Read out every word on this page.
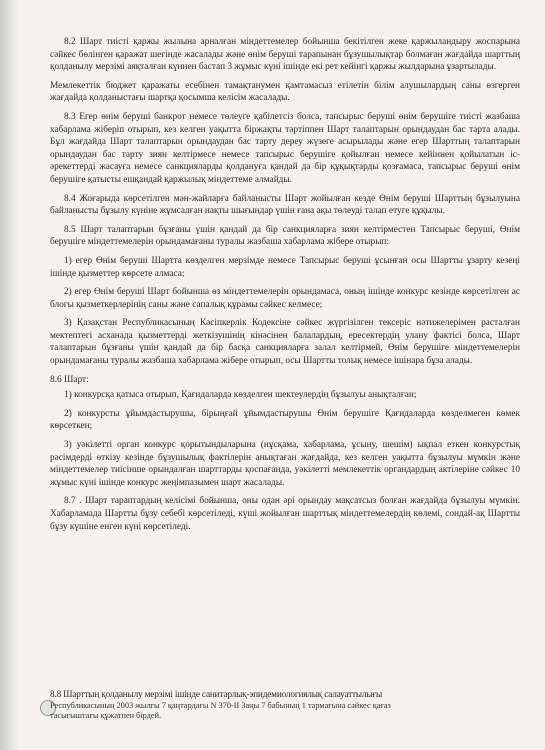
8.2 Шарт тиісті қаржы жылына арналған міндеттемелер бойынша бекітілген жеке қаржыландыру жоспарына сәйкес бөлінген қаражат шегінде жасалады және өнім беруші тарапынан бұзушылықтар болмаған жағдайда шарттың қолданылу мерзімі аяқталған күннен бастап 3 жұмыс күні ішінде екі рет кейінгі қаржы жылдарына ұзартылады.

Мемлекеттік бюджет қаражаты есебінен тамақтанумен қамтамасыз етілетін білім алушылардың саны өзгерген жағдайда қолданыстағы шартқа қосымша келісім жасалады.

8.3 Егер өнім беруші банкрот немесе төлеуге қабілетсіз болса, тапсырыс беруші өнім берушіге тиісті жазбаша хабарлама жіберіп отырып, кез келген уақытта біржақты тәртіппен Шарт талаптарын орындаудан бас тарта алады. Бұл жағдайда Шарт талаптарын орындаудан бас тарту дереу жүзеге асырылады және егер Шарттың талаптарын орындаудан бас тарту зиян келтірмесе немесе тапсырыс берушіге қойылған немесе кейіннен қойылатын іс-әрекеттерді жасауға немесе санкцияларды қолдануға қандай да бір құқықтарды қозғамаса, тапсырыс беруші өнім берушіге қатысты ешқандай қаржылық міндеттеме алмайды.

8.4 Жоғарыда көрсетілген мән-жайларға байланысты Шарт жойылған кезде Өнім беруші Шарттың бұзылуына байланысты бұзылу күніне жұмсалған нақты шығындар үшін ғана ақы төлеуді талап етуге құқылы.

8.5 Шарт талаптарын бұзғаны үшін қандай да бір санкцияларға зиян келтірместен Тапсырыс беруші, Өнім берушіге міндеттемелерін орындамағаны туралы жазбаша хабарлама жібере отырып:

1) егер Өнім беруші Шартта көзделген мерзімде немесе Тапсырыс беруші ұсынған осы Шартты ұзарту кезеңі ішінде қызметтер көрсете алмаса;

2) егер Өнім беруші Шарт бойынша өз міндеттемелерін орындамаса, оның ішінде конкурс кезінде көрсетілген ас блогы қызметкерлерінің саны және сапалық құрамы сәйкес келмесе;

3) Қазақстан Республикасының Кәсіпкерлік Кодексіне сәйкес жүргізілген тексеріс нәтижелерімен расталған мектептегі асханада қызметтерді жеткізушінің кінәсінен балалардың, ересектердің улану фактісі болса, Шарт талаптарын бұзғаны үшін қандай да бір басқа санкцияларға залал келтірмей, Өнім берушіге міндеттемелерін орындамағаны туралы жазбаша хабарлама жібере отырып, осы Шартты толық немесе ішінара бұза алады.

8.6 Шарт:

1) конкурсқа қатыса отырып, Қағидаларда көзделген шектеулердің бұзылуы анықталған;

2) конкурсты ұйымдастырушы, бірыңғай ұйымдастырушы Өнім берушіге Қағидаларда көзделмеген көмек көрсеткен;

3) уәкілетті орган конкурс қорытындыларына (нұсқама, хабарлама, ұсыну, шешім) ықпал еткен конкурстық рәсімдерді өткізу кезінде бұзушылық фактілерін анықтаған жағдайда, кез келген уақытта бұзылуы мүмкін және міндеттемелер тиісінше орындалған шарттарды қоспағанда, уәкілетті мемлекеттік органдардың актілеріне сәйкес 10 жұмыс күні ішінде конкурс жеңімпазымен шарт жасалады.

8.7 . Шарт тараптардың келісімі бойынша, оны одан әрі орындау мақсатсыз болған жағдайда бұзылуы мүмкін. Хабарламада Шартты бұзу себебі көрсетіледі, күші жойылған шарттық міндеттемелердің көлемі, сондай-ақ Шартты бұзу күшіне енген күні көрсетіледі.

8.8 Шарттың қолданылу мерзімі ішінде санитарлық-эпидемиологиялық салауаттылығы
Республикасының 2003 жылғы 7 қаңтардағы N 370-II Заңы 7 бабының 1 тармағына сәйкес қағаз
тасығыштағы құжатпен бірдей.
